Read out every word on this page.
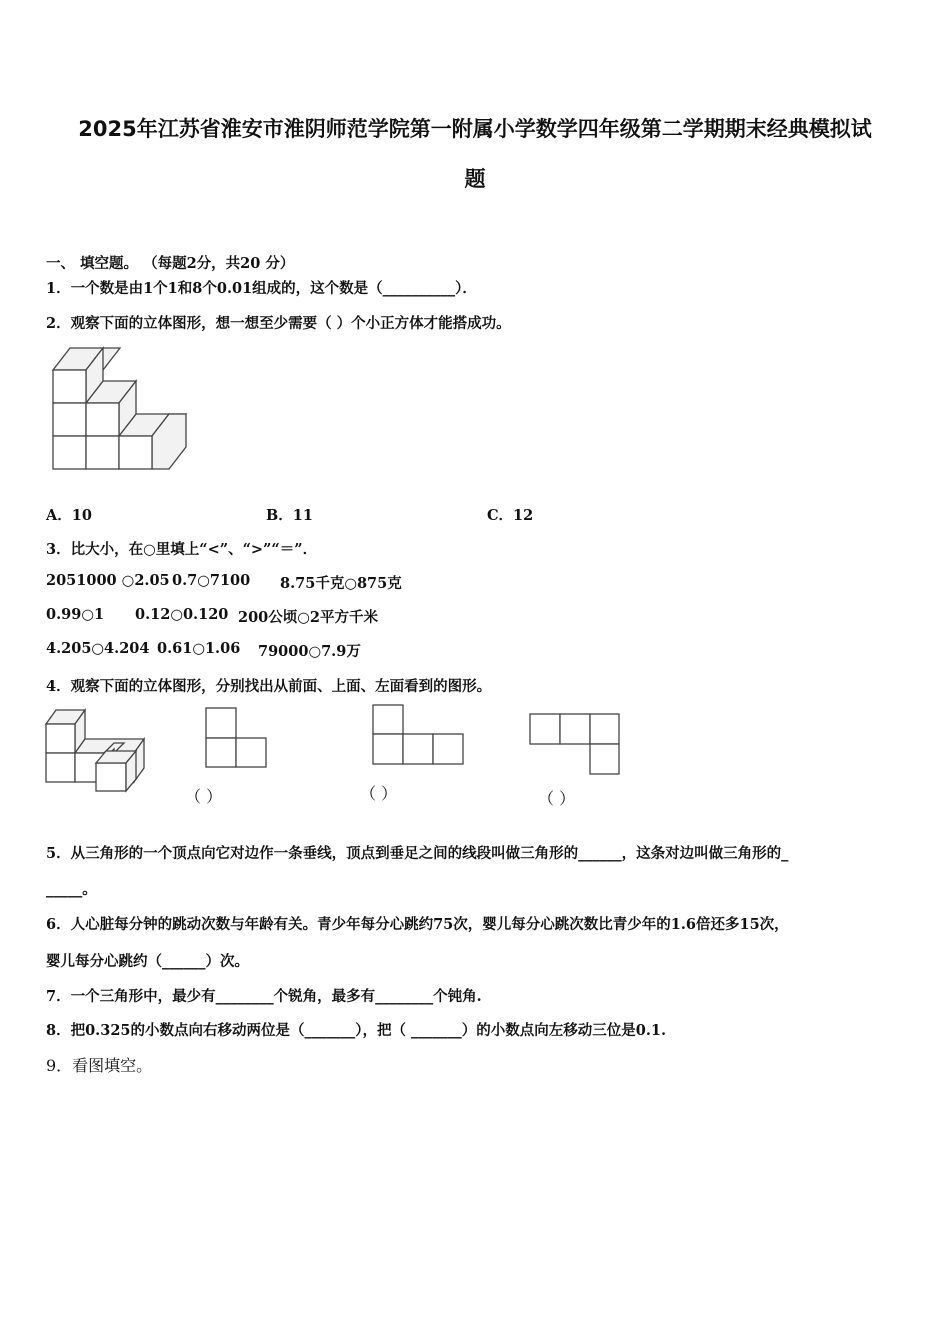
2025年江苏省淮安市淮阴师范学院第一附属小学数学四年级第二学期期末经典模拟试
题
一、 填空题。 （每题2分，共20 分）
1．一个数是由1个1和8个0.01组成的，这个数是（__________）．
2．观察下面的立体图形，想一想至少需要（ ）个小正方体才能搭成功。
A．10	B．11	C．12
3．比大小，在○里填上“<”、“>”“＝”．
2051000 ○2.05 0.7○7100 8.75千克○875克
0.99○1 0.12○0.120 200公顷○2平方千米
4.205○4.204 0.61○1.06 79000○7.9万
4．观察下面的立体图形，分别找出从前面、上面、左面看到的图形。
（ ）	（ ）	（ ）
5．从三角形的一个顶点向它对边作一条垂线，顶点到垂足之间的线段叫做三角形的______，这条对边叫做三角形的_
_____。
6．人心脏每分钟的跳动次数与年龄有关。青少年每分心跳约75次，婴儿每分心跳次数比青少年的1.6倍还多15次，
婴儿每分心跳约（______）次。
7．一个三角形中，最少有________个锐角，最多有________个钝角.
8．把0.325的小数点向右移动两位是（_______），把（ _______）的小数点向左移动三位是0.1.
9．看图填空。
